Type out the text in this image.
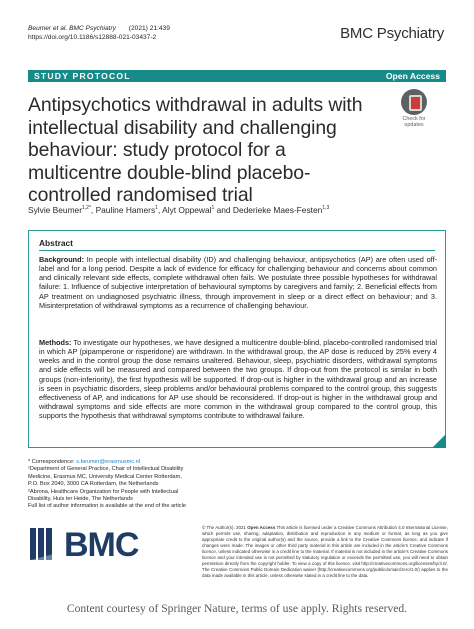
Beumer et al. BMC Psychiatry (2021) 21:439
https://doi.org/10.1186/s12888-021-03437-2	BMC Psychiatry
STUDY PROTOCOL	Open Access
Antipsychotics withdrawal in adults with intellectual disability and challenging behaviour: study protocol for a multicentre double-blind placebo-controlled randomised trial
Check for
updates
Sylvie Beumer$^{1,2*}$, Pauline Hamers$^1$, Alyt Oppewal$^1$ and Dederieke Maes-Festen$^{1,3}$
Abstract

Background: In people with intellectual disability (ID) and challenging behaviour, antipsychotics (AP) are often used off-label and for a long period. Despite a lack of evidence for efficacy for challenging behaviour and concerns about common and clinically relevant side effects, complete withdrawal often fails. We postulate three possible hypotheses for withdrawal failure: 1. Influence of subjective interpretation of behavioural symptoms by caregivers and family; 2. Beneficial effects from AP treatment on undiagnosed psychiatric illness, through improvement in sleep or a direct effect on behaviour; and 3. Misinterpretation of withdrawal symptoms as a recurrence of challenging behaviour.

Methods: To investigate our hypotheses, we have designed a multicentre double-blind, placebo-controlled randomised trial in which AP (pipamperone or risperidone) are withdrawn. In the withdrawal group, the AP dose is reduced by 25% every 4 weeks and in the control group the dose remains unaltered. Behaviour, sleep, psychiatric disorders, withdrawal symptoms and side effects will be measured and compared between the two groups. If drop-out from the protocol is similar in both groups (non-inferiority), the first hypothesis will be supported. If drop-out is higher in the withdrawal group and an increase is seen in psychiatric disorders, sleep problems and/or behavioural problems compared to the control group, this suggests effectiveness of AP, and indications for AP use should be reconsidered. If drop-out is higher in the withdrawal group and withdrawal symptoms and side effects are more common in the withdrawal group compared to the control group, this supports the hypothesis that withdrawal symptoms contribute to withdrawal failure.

* Correspondence: s.beumer@erasmusmc.nl
¹Department of General Practice, Chair of Intellectual Disability Medicine, Erasmus MC, University Medical Center Rotterdam, P.O. Box 2040, 3000 CA Rotterdam, the Netherlands
²Abrona, Healthcare Organization for People with Intellectual Disability, Huis ter Heide, The Netherlands
Full list of author information is available at the end of the article
BMC	© The Author(s). 2021 Open Access This article is licensed under a Creative Commons Attribution 4.0 International License, which permits use, sharing, adaptation, distribution and reproduction in any medium or format, as long as you give appropriate credit to the original author(s) and the source, provide a link to the Creative Commons licence, and indicate if changes were made. The images or other third party material in this article are included in the article's Creative Commons licence, unless indicated otherwise in a credit line to the material. If material is not included in the article's Creative Commons licence and your intended use is not permitted by statutory regulation or exceeds the permitted use, you will need to obtain permission directly from the copyright holder. To view a copy of this licence, visit http://creativecommons.org/licenses/by/4.0/. The Creative Commons Public Domain Dedication waiver (http://creativecommons.org/publicdomain/zero/1.0/) applies to the data made available in this article, unless otherwise stated in a credit line to the data.
Content courtesy of Springer Nature, terms of use apply. Rights reserved.
